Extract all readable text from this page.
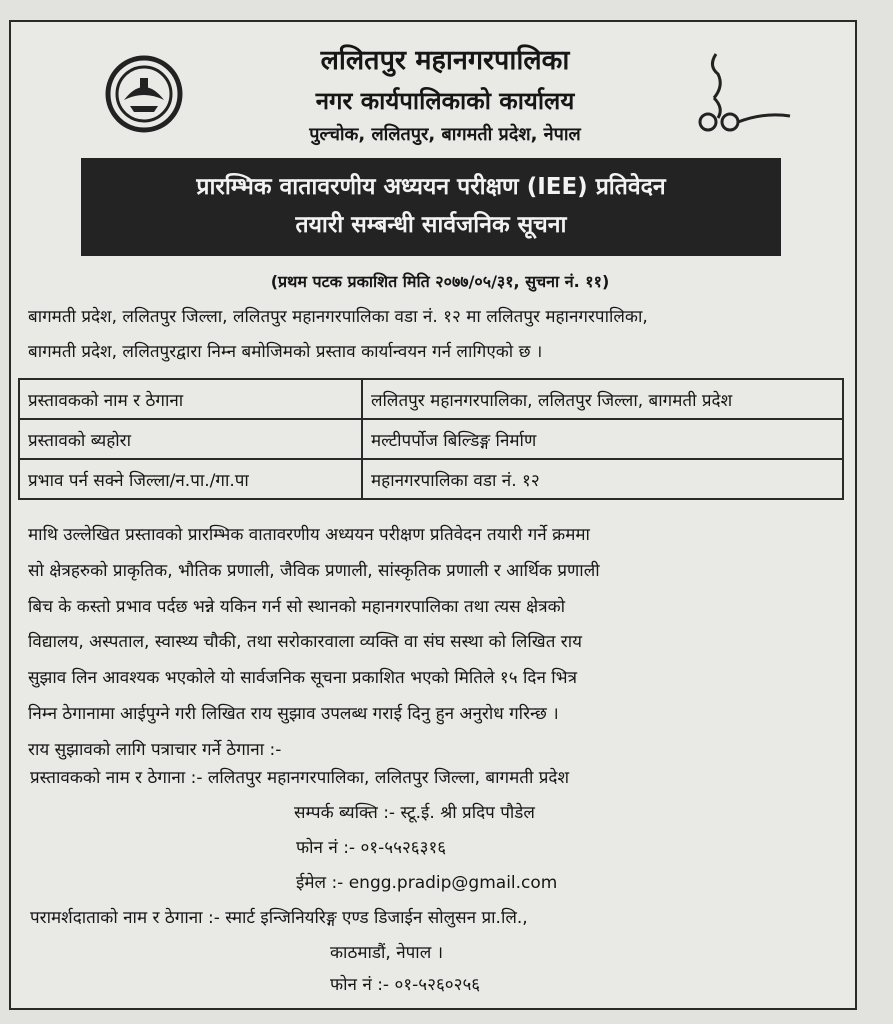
ललितपुर महानगरपालिका
नगर कार्यपालिकाको कार्यालय
पुल्चोक, ललितपुर, बागमती प्रदेश, नेपाल
प्रारम्भिक वातावरणीय अध्ययन परीक्षण (IEE) प्रतिवेदन
तयारी सम्बन्धी सार्वजनिक सूचना
(प्रथम पटक प्रकाशित मिति २०७७/०५/३१, सुचना नं. ११)
बागमती प्रदेश, ललितपुर जिल्ला, ललितपुर महानगरपालिका वडा नं. १२ मा ललितपुर महानगरपालिका,
बागमती प्रदेश, ललितपुरद्वारा निम्न बमोजिमको प्रस्ताव कार्यान्वयन गर्न लागिएको छ ।
प्रस्तावकको नाम र ठेगाना	ललितपुर महानगरपालिका, ललितपुर जिल्ला, बागमती प्रदेश
प्रस्तावको ब्यहोरा	मल्टीपर्पोज बिल्डिङ्ग निर्माण
प्रभाव पर्न सक्ने जिल्ला/न.पा./गा.पा	महानगरपालिका वडा नं. १२
माथि उल्लेखित प्रस्तावको प्रारम्भिक वातावरणीय अध्ययन परीक्षण प्रतिवेदन तयारी गर्ने क्रममा
सो क्षेत्रहरुको प्राकृतिक, भौतिक प्रणाली, जैविक प्रणाली, सांस्कृतिक प्रणाली र आर्थिक प्रणाली
बिच के कस्तो प्रभाव पर्दछ भन्ने यकिन गर्न सो स्थानको महानगरपालिका तथा त्यस क्षेत्रको
विद्यालय, अस्पताल, स्वास्थ्य चौकी, तथा सरोकारवाला व्यक्ति वा संघ सस्था को लिखित राय
सुझाव लिन आवश्यक भएकोले यो सार्वजनिक सूचना प्रकाशित भएको मितिले १५ दिन भित्र
निम्न ठेगानामा आईपुग्ने गरी लिखित राय सुझाव उपलब्ध गराई दिनु हुन अनुरोध गरिन्छ ।
राय सुझावको लागि पत्राचार गर्ने ठेगाना :-
प्रस्तावकको नाम र ठेगाना :- ललितपुर महानगरपालिका, ललितपुर जिल्ला, बागमती प्रदेश
सम्पर्क ब्यक्ति :- स्टू.ई. श्री प्रदिप पौडेल
फोन नं :- ०१-५५२६३१६
ईमेल :- engg.pradip@gmail.com
परामर्शदाताको नाम र ठेगाना :- स्मार्ट इन्जिनियरिङ्ग एण्ड डिजाईन सोलुसन प्रा.लि.,
काठमाडौं, नेपाल ।
फोन नं :- ०१-५२६०२५६
